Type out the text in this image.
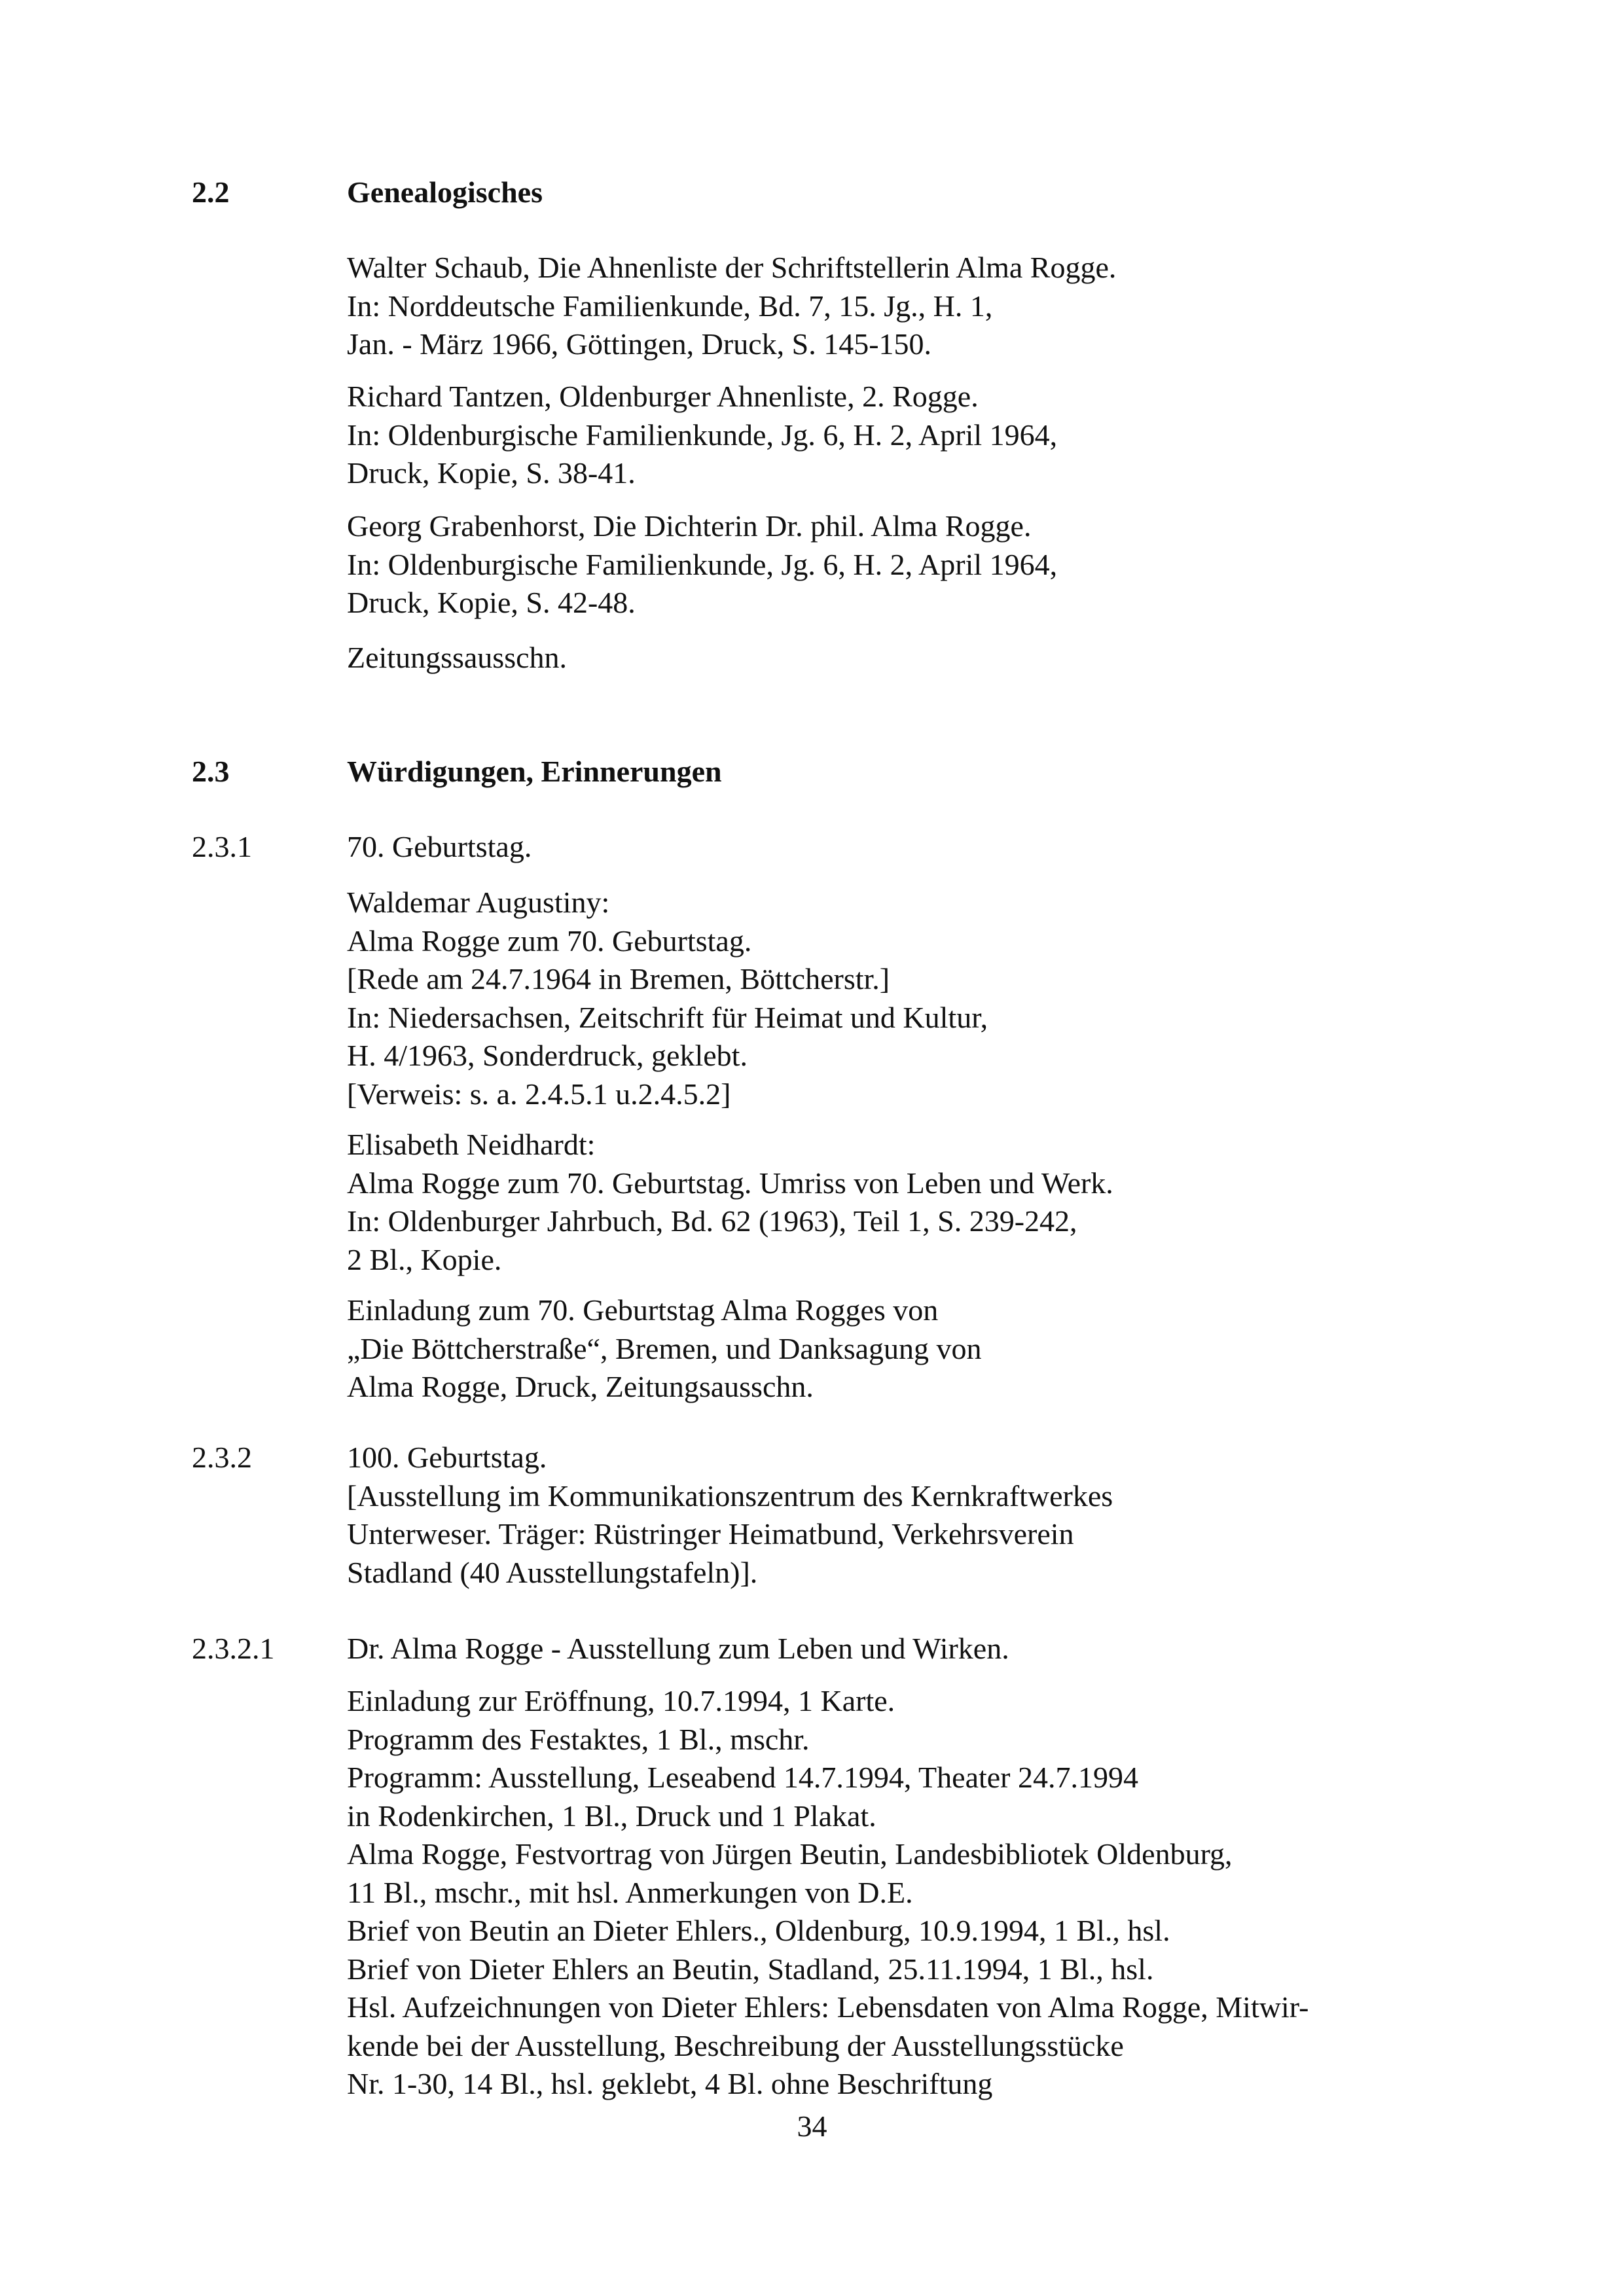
2.2	Genealogisches

Walter Schaub, Die Ahnenliste der Schriftstellerin Alma Rogge.
In: Norddeutsche Familienkunde, Bd. 7, 15. Jg., H. 1,
Jan. - März 1966, Göttingen, Druck, S. 145-150.

Richard Tantzen, Oldenburger Ahnenliste, 2. Rogge.
In: Oldenburgische Familienkunde, Jg. 6, H. 2, April 1964,
Druck, Kopie, S. 38-41.

Georg Grabenhorst, Die Dichterin Dr. phil. Alma Rogge.
In: Oldenburgische Familienkunde, Jg. 6, H. 2, April 1964,
Druck, Kopie, S. 42-48.

Zeitungssausschn.

2.3	Würdigungen, Erinnerungen
2.3.1	70. Geburtstag.

Waldemar Augustiny:
Alma Rogge zum 70. Geburtstag.
[Rede am 24.7.1964 in Bremen, Böttcherstr.]
In: Niedersachsen, Zeitschrift für Heimat und Kultur,
H. 4/1963, Sonderdruck, geklebt.
[Verweis: s. a. 2.4.5.1 u.2.4.5.2]

Elisabeth Neidhardt:
Alma Rogge zum 70. Geburtstag. Umriss von Leben und Werk.
In: Oldenburger Jahrbuch, Bd. 62 (1963), Teil 1, S. 239-242,
2 Bl., Kopie.

Einladung zum 70. Geburtstag Alma Rogges von
„Die Böttcherstraße“, Bremen, und Danksagung von
Alma Rogge, Druck, Zeitungsausschn.

2.3.2	100. Geburtstag.
[Ausstellung im Kommunikationszentrum des Kernkraftwerkes
Unterweser. Träger: Rüstringer Heimatbund, Verkehrsverein
Stadland (40 Ausstellungstafeln)].

2.3.2.1 Dr. Alma Rogge - Ausstellung zum Leben und Wirken.

Einladung zur Eröffnung, 10.7.1994, 1 Karte.
Programm des Festaktes, 1 Bl., mschr.
Programm: Ausstellung, Leseabend 14.7.1994, Theater 24.7.1994
in Rodenkirchen, 1 Bl., Druck und 1 Plakat.
Alma Rogge, Festvortrag von Jürgen Beutin, Landesbibliotek Oldenburg,
11 Bl., mschr., mit hsl. Anmerkungen von D.E.
Brief von Beutin an Dieter Ehlers., Oldenburg, 10.9.1994, 1 Bl., hsl.
Brief von Dieter Ehlers an Beutin, Stadland, 25.11.1994, 1 Bl., hsl.
Hsl. Aufzeichnungen von Dieter Ehlers: Lebensdaten von Alma Rogge, Mitwir-
kende bei der Ausstellung, Beschreibung der Ausstellungsstücke
Nr. 1-30, 14 Bl., hsl. geklebt, 4 Bl. ohne Beschriftung

34
